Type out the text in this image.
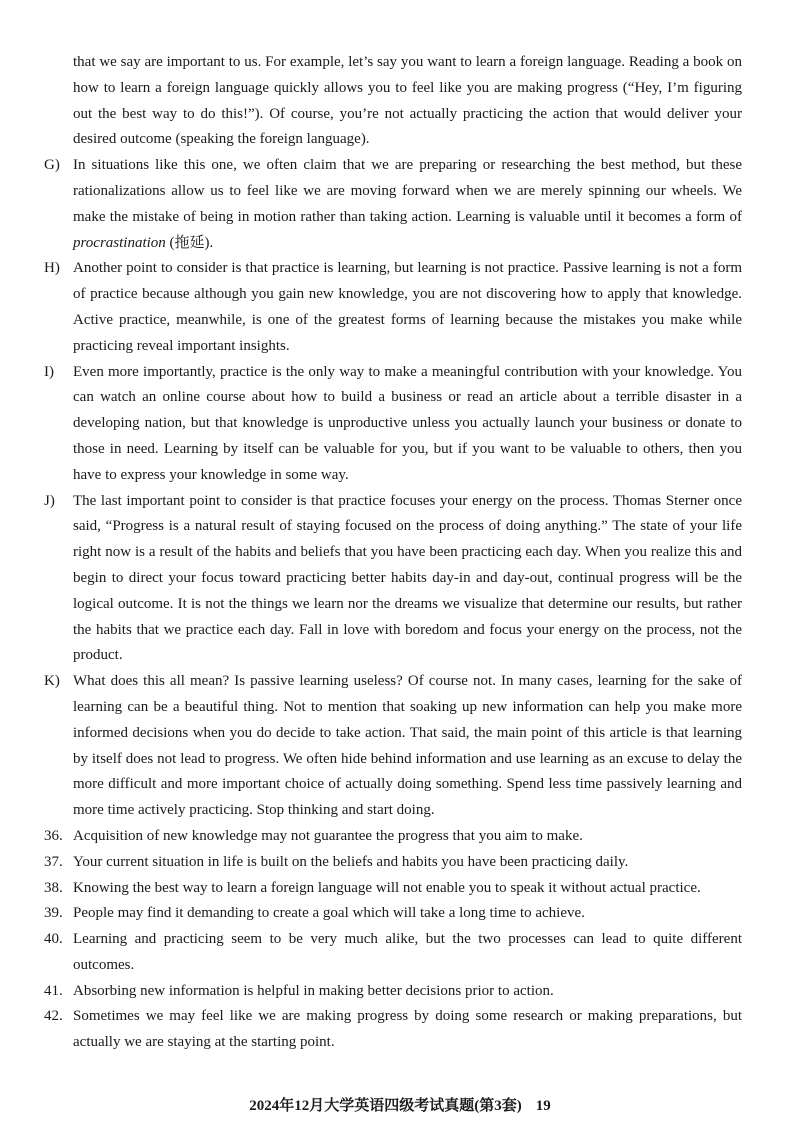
that we say are important to us. For example, let’s say you want to learn a foreign language. Reading a book on how to learn a foreign language quickly allows you to feel like you are making progress (“Hey, I’m figuring out the best way to do this!”). Of course, you’re not actually practicing the action that would deliver your desired outcome (speaking the foreign language).
G) In situations like this one, we often claim that we are preparing or researching the best method, but these rationalizations allow us to feel like we are moving forward when we are merely spinning our wheels. We make the mistake of being in motion rather than taking action. Learning is valuable until it becomes a form of procrastination (拖延).
H) Another point to consider is that practice is learning, but learning is not practice. Passive learning is not a form of practice because although you gain new knowledge, you are not discovering how to apply that knowledge. Active practice, meanwhile, is one of the greatest forms of learning because the mistakes you make while practicing reveal important insights.
I) Even more importantly, practice is the only way to make a meaningful contribution with your knowledge. You can watch an online course about how to build a business or read an article about a terrible disaster in a developing nation, but that knowledge is unproductive unless you actually launch your business or donate to those in need. Learning by itself can be valuable for you, but if you want to be valuable to others, then you have to express your knowledge in some way.
J) The last important point to consider is that practice focuses your energy on the process. Thomas Sterner once said, “Progress is a natural result of staying focused on the process of doing anything.” The state of your life right now is a result of the habits and beliefs that you have been practicing each day. When you realize this and begin to direct your focus toward practicing better habits day-in and day-out, continual progress will be the logical outcome. It is not the things we learn nor the dreams we visualize that determine our results, but rather the habits that we practice each day. Fall in love with boredom and focus your energy on the process, not the product.
K) What does this all mean? Is passive learning useless? Of course not. In many cases, learning for the sake of learning can be a beautiful thing. Not to mention that soaking up new information can help you make more informed decisions when you do decide to take action. That said, the main point of this article is that learning by itself does not lead to progress. We often hide behind information and use learning as an excuse to delay the more difficult and more important choice of actually doing something. Spend less time passively learning and more time actively practicing. Stop thinking and start doing.
36. Acquisition of new knowledge may not guarantee the progress that you aim to make.
37. Your current situation in life is built on the beliefs and habits you have been practicing daily.
38. Knowing the best way to learn a foreign language will not enable you to speak it without actual practice.
39. People may find it demanding to create a goal which will take a long time to achieve.
40. Learning and practicing seem to be very much alike, but the two processes can lead to quite different outcomes.
41. Absorbing new information is helpful in making better decisions prior to action.
42. Sometimes we may feel like we are making progress by doing some research or making preparations, but actually we are staying at the starting point.
2024年12月大学英语四级考试真题(第3套) 19
